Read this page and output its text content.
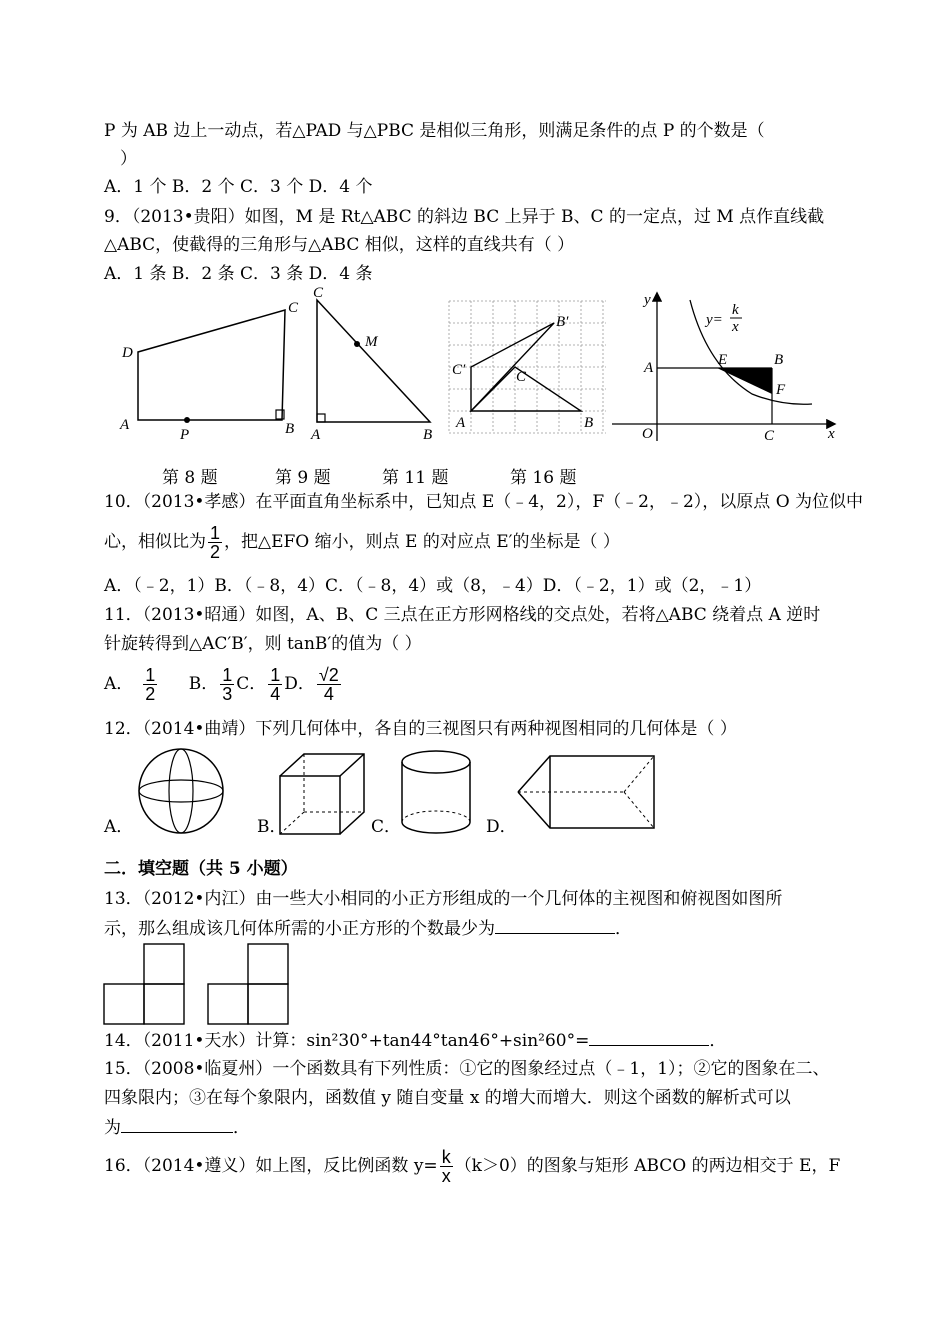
P 为 AB 边上一动点，若△PAD 与△PBC 是相似三角形，则满足条件的点 P 的个数是（
）
A．1 个 B．2 个 C．3 个 D．4 个
9．（2013•贵阳）如图，M 是 Rt△ABC 的斜边 BC 上异于 B、C 的一定点，过 M 点作直线截
△ABC，使截得的三角形与△ABC 相似，这样的直线共有（ ）
A．1 条 B．2 条 C．3 条 D．4 条
A	B
C
D
P
C
A	B
M
A	B
C
B′
C′
y
x
O
A	B
C
E
F
y=
k
x
第 8 题	第 9 题	第 11 题	第 16 题
10．（2013•孝感）在平面直角坐标系中，已知点 E（﹣4，2），F（﹣2，﹣2），以原点 O 为位似中
心，相似比为 $\frac{1}{2}$ ，把△EFO 缩小，则点 E 的对应点 E′的坐标是（ ）
A．（﹣2，1）B．（﹣8，4）C．（﹣8，4）或（8，﹣4）D．（﹣2，1）或（2，﹣1）
11．（2013•昭通）如图，A、B、C 三点在正方形网格线的交点处，若将△ABC 绕着点 A 逆时
针旋转得到△AC′B′，则 tanB′的值为（ ）
A． $\frac{1}{2}$ B． $\frac{1}{3}$ C． $\frac{1}{4}$ D． $\frac{√2}{4}$
12．（2014•曲靖）下列几何体中，各自的三视图只有两种视图相同的几何体是（ ）
A．	B．	C．	D．
二．填空题（共 5 小题）
13．（2012•内江）由一些大小相同的小正方形组成的一个几何体的主视图和俯视图如图所
示，那么组成该几何体所需的小正方形的个数最少为	．
14．（2011•天水）计算：sin²30°+tan44°tan46°+sin²60°=	．
15．（2008•临夏州）一个函数具有下列性质：①它的图象经过点（﹣1，1）；②它的图象在二、
四象限内；③在每个象限内，函数值 y 随自变量 x 的增大而增大．则这个函数的解析式可以
为	．
16．（2014•遵义）如上图，反比例函数 $y= \frac{k}{x} (k>0)$的图象与矩形 ABCO 的两边相交于 E，F
